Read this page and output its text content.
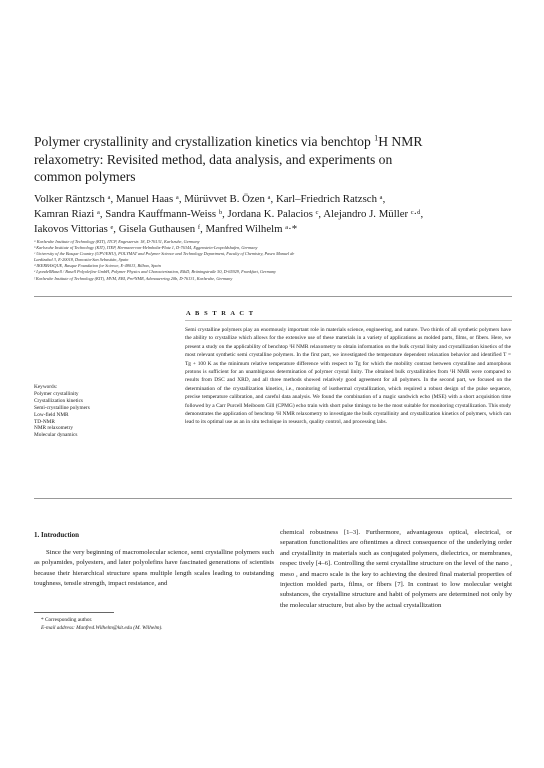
Polymer crystallinity and crystallization kinetics via benchtop $^1$H NMR
relaxometry: Revisited method, data analysis, and experiments on
common polymers
Volker Räntzsch ᵃ, Manuel Haas ᵃ, Mürüvvet B. Özen ᵃ, Karl–Friedrich Ratzsch ᵃ,
Kamran Riazi ᵃ, Sandra Kauffmann-Weiss ᵇ, Jordana K. Palacios ᶜ, Alejandro J. Müller ᶜ·ᵈ,
Iakovos Vittorias ᵉ, Gisela Guthausen ᶠ, Manfred Wilhelm ᵃ·*
ᵃ Karlsruhe Institute of Technology (KIT), ITCP, Engesserstr. 18, D-76131, Karlsruhe, Germany
ᵇ Karlsruhe Institute of Technology (KIT), ITEP, Hermann-von-Helmholtz-Platz 1, D-76344, Eggenstein-Leopoldshafen, Germany
ᶜ University of the Basque Country (UPV/EHU), POLYMAT and Polymer Science and Technology Department, Faculty of Chemistry, Paseo Manuel de
Lardizabal 3, E-20018, Donostia-San Sebastián, Spain
ᵈ IKERBASQUE, Basque Foundation for Science, E-48013, Bilbao, Spain
ᵉ LyondellBasell / Basell Polyolefine GmbH, Polymer Physics and Characterization, R&D, Brüningstraße 50, D-65929, Frankfurt, Germany
ᶠ Karlsruhe Institute of Technology (KIT), MVM, EBI, Pro²NMR, Adenauerring 20b, D-76131, Karlsruhe, Germany
A B S T R A C T
Semi crystalline polymers play an enormously important role in materials science, engineering, and nature. Two thirds of all synthetic polymers have the ability to crystallize which allows for the extensive use of these materials in a variety of applications as molded parts, films, or fibers. Here, we present a study on the applicability of benchtop ¹H NMR relaxometry to obtain information on the bulk crystal linity and crystallization kinetics of the most relevant synthetic semi crystalline polymers. In the first part, we investigated the temperature dependent relaxation behavior and identified T = Tg + 100 K as the minimum relative temperature difference with respect to Tg for which the mobility contrast between crystalline and amorphous protons is sufficient for an unambiguous determination of polymer crystal linity. The obtained bulk crystallinities from ¹H NMR were compared to results from DSC and XRD, and all three methods showed relatively good agreement for all polymers. In the second part, we focused on the determination of the crystallization kinetics, i.e., monitoring of isothermal crystallization, which required a robust design of the pulse sequence, precise temperature calibration, and careful data analysis. We found the combination of a magic sandwich echo (MSE) with a short acquisition time followed by a Carr Purcell Meiboom Gill (CPMG) echo train with short pulse timings to be the most suitable for monitoring crystallization. This study demonstrates the application of benchtop ¹H NMR relaxometry to investigate the bulk crystallinity and crystallization kinetics of polymers, which can lead to its optimal use as an in situ technique in research, quality control, and processing labs.
Keywords:
Polymer crystallinity
Crystallization kinetics
Semi-crystalline polymers
Low-field NMR
TD-NMR
NMR relaxometry
Molecular dynamics
1. Introduction
Since the very beginning of macromolecular science, semi crystalline polymers such as polyamides, polyesters, and later polyolefins have fascinated generations of scientists because their hierarchical structure spans multiple length scales leading to outstanding toughness, tensile strength, impact resistance, and
chemical robustness [1–3]. Furthermore, advantageous optical, electrical, or separation functionalities are oftentimes a direct consequence of the underlying order and crystallinity in materials such as conjugated polymers, dielectrics, or membranes, respec tively [4–6]. Controlling the semi crystalline structure on the level of the nano , meso , and macro scale is the key to achieving the desired final material properties of injection molded parts, films, or fibers [7]. In contrast to low molecular weight substances, the crystalline structure and habit of polymers are determined not only by the molecular structure, but also by the actual crystallization
* Corresponding author.
E-mail address: Manfred.Wilhelm@kit.edu (M. Wilhelm).
